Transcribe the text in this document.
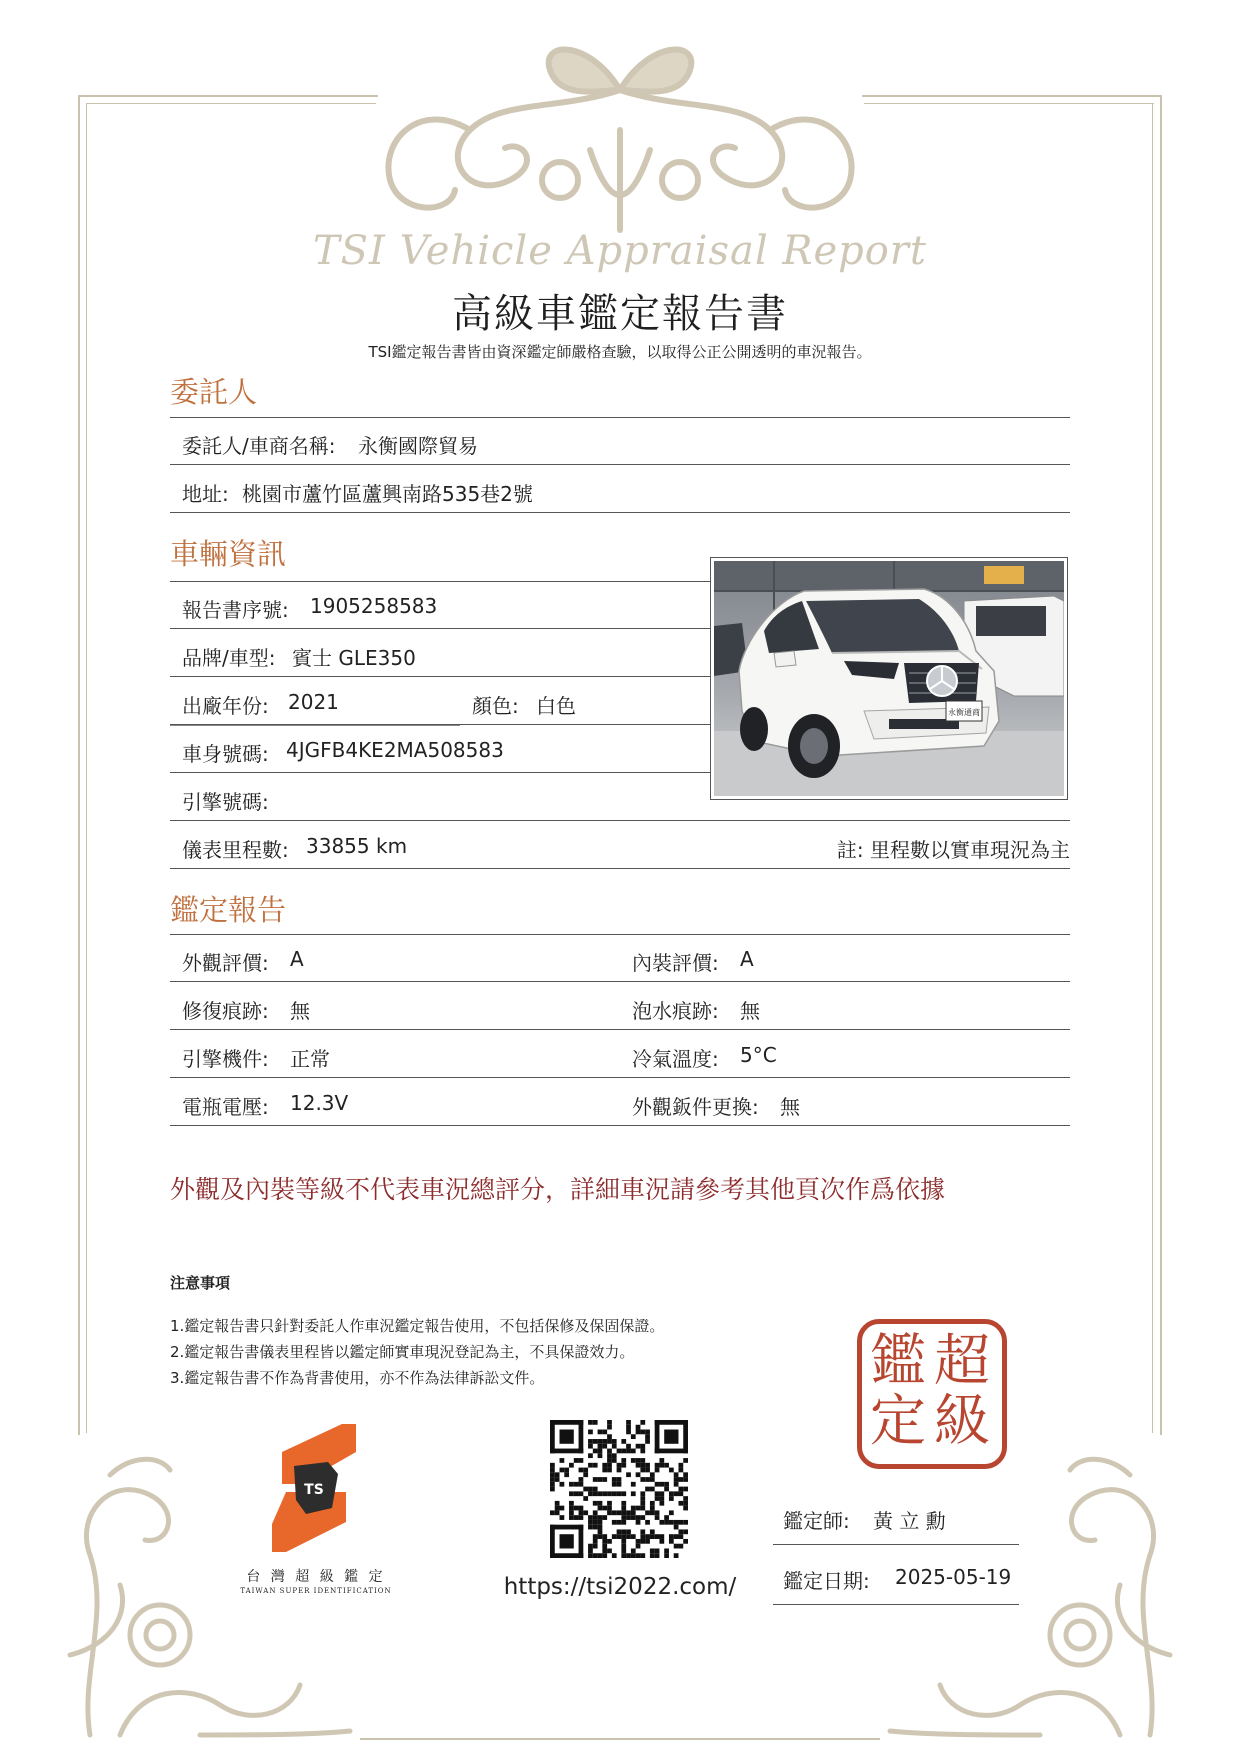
TSI Vehicle Appraisal Report
高級車鑑定報告書
TSI鑑定報告書皆由資深鑑定師嚴格查驗，以取得公正公開透明的車況報告。
委託人
委託人/車商名稱: 永衡國際貿易
地址: 桃園市蘆竹區蘆興南路535巷2號
車輛資訊
報告書序號: 1905258583
品牌/車型: 賓士 GLE350
出廠年份: 2021	顏色: 白色
車身號碼: 4JGFB4KE2MA508583
引擎號碼:
儀表里程數: 33855 km	註: 里程數以實車現況為主
永衡通商
鑑定報告
外觀評價: A	內裝評價: A
修復痕跡: 無	泡水痕跡: 無
引擎機件: 正常	冷氣溫度: 5°C
電瓶電壓: 12.3V	外觀鈑件更換: 無
外觀及內裝等級不代表車況總評分，詳細車況請參考其他頁次作爲依據
注意事項
1.鑑定報告書只針對委託人作車況鑑定報告使用，不包括保修及保固保證。
2.鑑定報告書儀表里程皆以鑑定師實車現況登記為主，不具保證效力。
3.鑑定報告書不作為背書使用，亦不作為法律訴訟文件。
TS
台 灣 超 級 鑑 定
TAIWAN SUPER IDENTIFICATION	https://tsi2022.com/
超
級
鑑
定
鑑定師: 黃 立 勳
鑑定日期: 2025-05-19
